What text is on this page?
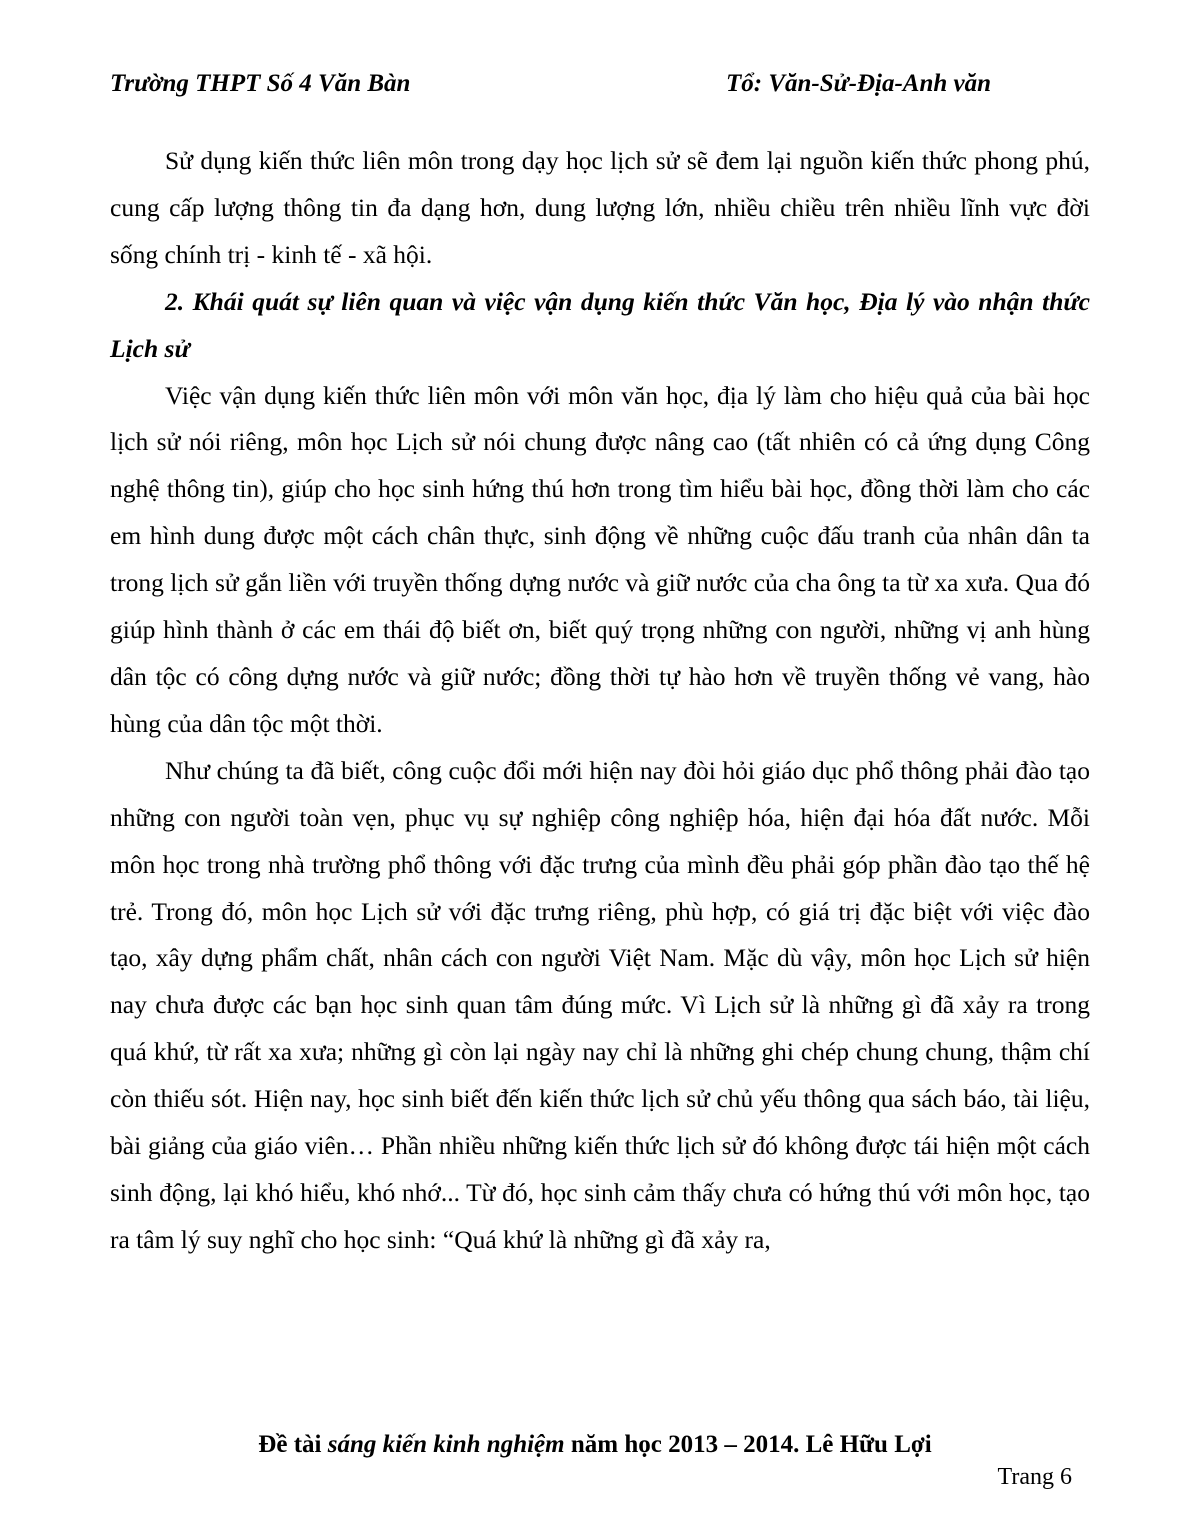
Trường THPT Số 4 Văn Bàn	Tổ: Văn-Sử-Địa-Anh văn

Sử dụng kiến thức liên môn trong dạy học lịch sử sẽ đem lại nguồn kiến thức phong phú, cung cấp lượng thông tin đa dạng hơn, dung lượng lớn, nhiều chiều trên nhiều lĩnh vực đời sống chính trị - kinh tế - xã hội.

2. Khái quát sự liên quan và việc vận dụng kiến thức Văn học, Địa lý vào nhận thức Lịch sử

Việc vận dụng kiến thức liên môn với môn văn học, địa lý làm cho hiệu quả của bài học lịch sử nói riêng, môn học Lịch sử nói chung được nâng cao (tất nhiên có cả ứng dụng Công nghệ thông tin), giúp cho học sinh hứng thú hơn trong tìm hiểu bài học, đồng thời làm cho các em hình dung được một cách chân thực, sinh động về những cuộc đấu tranh của nhân dân ta trong lịch sử gắn liền với truyền thống dựng nước và giữ nước của cha ông ta từ xa xưa. Qua đó giúp hình thành ở các em thái độ biết ơn, biết quý trọng những con người, những vị anh hùng dân tộc có công dựng nước và giữ nước; đồng thời tự hào hơn về truyền thống vẻ vang, hào hùng của dân tộc một thời.

Như chúng ta đã biết, công cuộc đổi mới hiện nay đòi hỏi giáo dục phổ thông phải đào tạo những con người toàn vẹn, phục vụ sự nghiệp công nghiệp hóa, hiện đại hóa đất nước. Mỗi môn học trong nhà trường phổ thông với đặc trưng của mình đều phải góp phần đào tạo thế hệ trẻ. Trong đó, môn học Lịch sử với đặc trưng riêng, phù hợp, có giá trị đặc biệt với việc đào tạo, xây dựng phẩm chất, nhân cách con người Việt Nam. Mặc dù vậy, môn học Lịch sử hiện nay chưa được các bạn học sinh quan tâm đúng mức. Vì Lịch sử là những gì đã xảy ra trong quá khứ, từ rất xa xưa; những gì còn lại ngày nay chỉ là những ghi chép chung chung, thậm chí còn thiếu sót. Hiện nay, học sinh biết đến kiến thức lịch sử chủ yếu thông qua sách báo, tài liệu, bài giảng của giáo viên… Phần nhiều những kiến thức lịch sử đó không được tái hiện một cách sinh động, lại khó hiểu, khó nhớ... Từ đó, học sinh cảm thấy chưa có hứng thú với môn học, tạo ra tâm lý suy nghĩ cho học sinh: “Quá khứ là những gì đã xảy ra,

Đề tài sáng kiến kinh nghiệm năm học 2013 – 2014. Lê Hữu Lợi
Trang 6
